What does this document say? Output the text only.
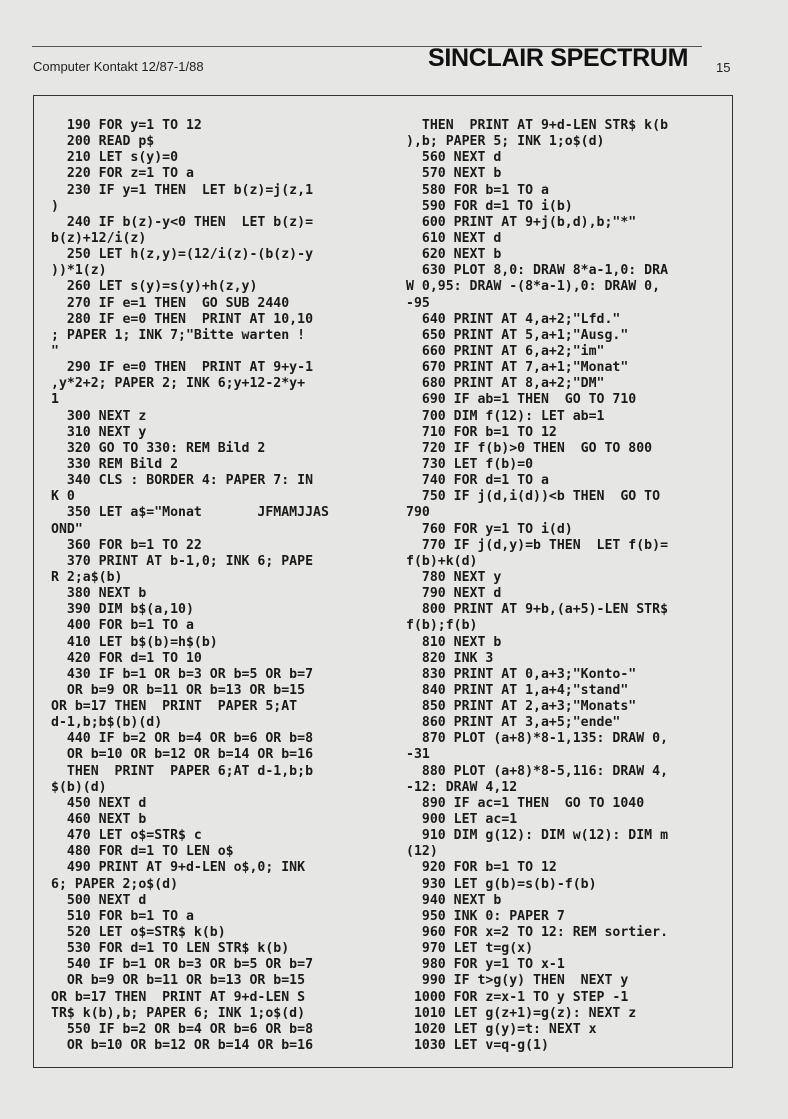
Computer Kontakt 12/87-1/88	SINCLAIR SPECTRUM 15
190 FOR y=1 TO 12
200 READ p$
210 LET s(y)=0
220 FOR z=1 TO a
230 IF y=1 THEN  LET b(z)=j(z,1
)
240 IF b(z)-y<0 THEN  LET b(z)=
b(z)+12/i(z)
250 LET h(z,y)=(12/i(z)-(b(z)-y
))*1(z)
260 LET s(y)=s(y)+h(z,y)
270 IF e=1 THEN  GO SUB 2440
280 IF e=0 THEN  PRINT AT 10,10
; PAPER 1; INK 7;"Bitte warten !
"
290 IF e=0 THEN  PRINT AT 9+y-1
,y*2+2; PAPER 2; INK 6;y+12-2*y+
1
300 NEXT z
310 NEXT y
320 GO TO 330: REM Bild 2
330 REM Bild 2
340 CLS : BORDER 4: PAPER 7: IN
K 0
350 LET a$="Monat       JFMAMJJAS
OND"
360 FOR b=1 TO 22
370 PRINT AT b-1,0; INK 6; PAPE
R 2;a$(b)
380 NEXT b
390 DIM b$(a,10)
400 FOR b=1 TO a
410 LET b$(b)=h$(b)
420 FOR d=1 TO 10
430 IF b=1 OR b=3 OR b=5 OR b=7
OR b=9 OR b=11 OR b=13 OR b=15
OR b=17 THEN  PRINT  PAPER 5;AT
d-1,b;b$(b)(d)
440 IF b=2 OR b=4 OR b=6 OR b=8
OR b=10 OR b=12 OR b=14 OR b=16
THEN  PRINT  PAPER 6;AT d-1,b;b
$(b)(d)
450 NEXT d
460 NEXT b
470 LET o$=STR$ c
480 FOR d=1 TO LEN o$
490 PRINT AT 9+d-LEN o$,0; INK
6; PAPER 2;o$(d)
500 NEXT d
510 FOR b=1 TO a
520 LET o$=STR$ k(b)
530 FOR d=1 TO LEN STR$ k(b)
540 IF b=1 OR b=3 OR b=5 OR b=7
OR b=9 OR b=11 OR b=13 OR b=15
OR b=17 THEN  PRINT AT 9+d-LEN S
TR$ k(b),b; PAPER 6; INK 1;o$(d)
550 IF b=2 OR b=4 OR b=6 OR b=8
OR b=10 OR b=12 OR b=14 OR b=16
THEN  PRINT AT 9+d-LEN STR$ k(b
),b; PAPER 5; INK 1;o$(d)
560 NEXT d
570 NEXT b
580 FOR b=1 TO a
590 FOR d=1 TO i(b)
600 PRINT AT 9+j(b,d),b;"*"
610 NEXT d
620 NEXT b
630 PLOT 8,0: DRAW 8*a-1,0: DRA
W 0,95: DRAW -(8*a-1),0: DRAW 0,
-95
640 PRINT AT 4,a+2;"Lfd."
650 PRINT AT 5,a+1;"Ausg."
660 PRINT AT 6,a+2;"im"
670 PRINT AT 7,a+1;"Monat"
680 PRINT AT 8,a+2;"DM"
690 IF ab=1 THEN  GO TO 710
700 DIM f(12): LET ab=1
710 FOR b=1 TO 12
720 IF f(b)>0 THEN  GO TO 800
730 LET f(b)=0
740 FOR d=1 TO a
750 IF j(d,i(d))<b THEN  GO TO
790
760 FOR y=1 TO i(d)
770 IF j(d,y)=b THEN  LET f(b)=
f(b)+k(d)
780 NEXT y
790 NEXT d
800 PRINT AT 9+b,(a+5)-LEN STR$
f(b);f(b)
810 NEXT b
820 INK 3
830 PRINT AT 0,a+3;"Konto-"
840 PRINT AT 1,a+4;"stand"
850 PRINT AT 2,a+3;"Monats"
860 PRINT AT 3,a+5;"ende"
870 PLOT (a+8)*8-1,135: DRAW 0,
-31
880 PLOT (a+8)*8-5,116: DRAW 4,
-12: DRAW 4,12
890 IF ac=1 THEN  GO TO 1040
900 LET ac=1
910 DIM g(12): DIM w(12): DIM m
(12)
920 FOR b=1 TO 12
930 LET g(b)=s(b)-f(b)
940 NEXT b
950 INK 0: PAPER 7
960 FOR x=2 TO 12: REM sortier.
970 LET t=g(x)
980 FOR y=1 TO x-1
990 IF t>g(y) THEN  NEXT y
1000 FOR z=x-1 TO y STEP -1
1010 LET g(z+1)=g(z): NEXT z
1020 LET g(y)=t: NEXT x
1030 LET v=q-g(1)
